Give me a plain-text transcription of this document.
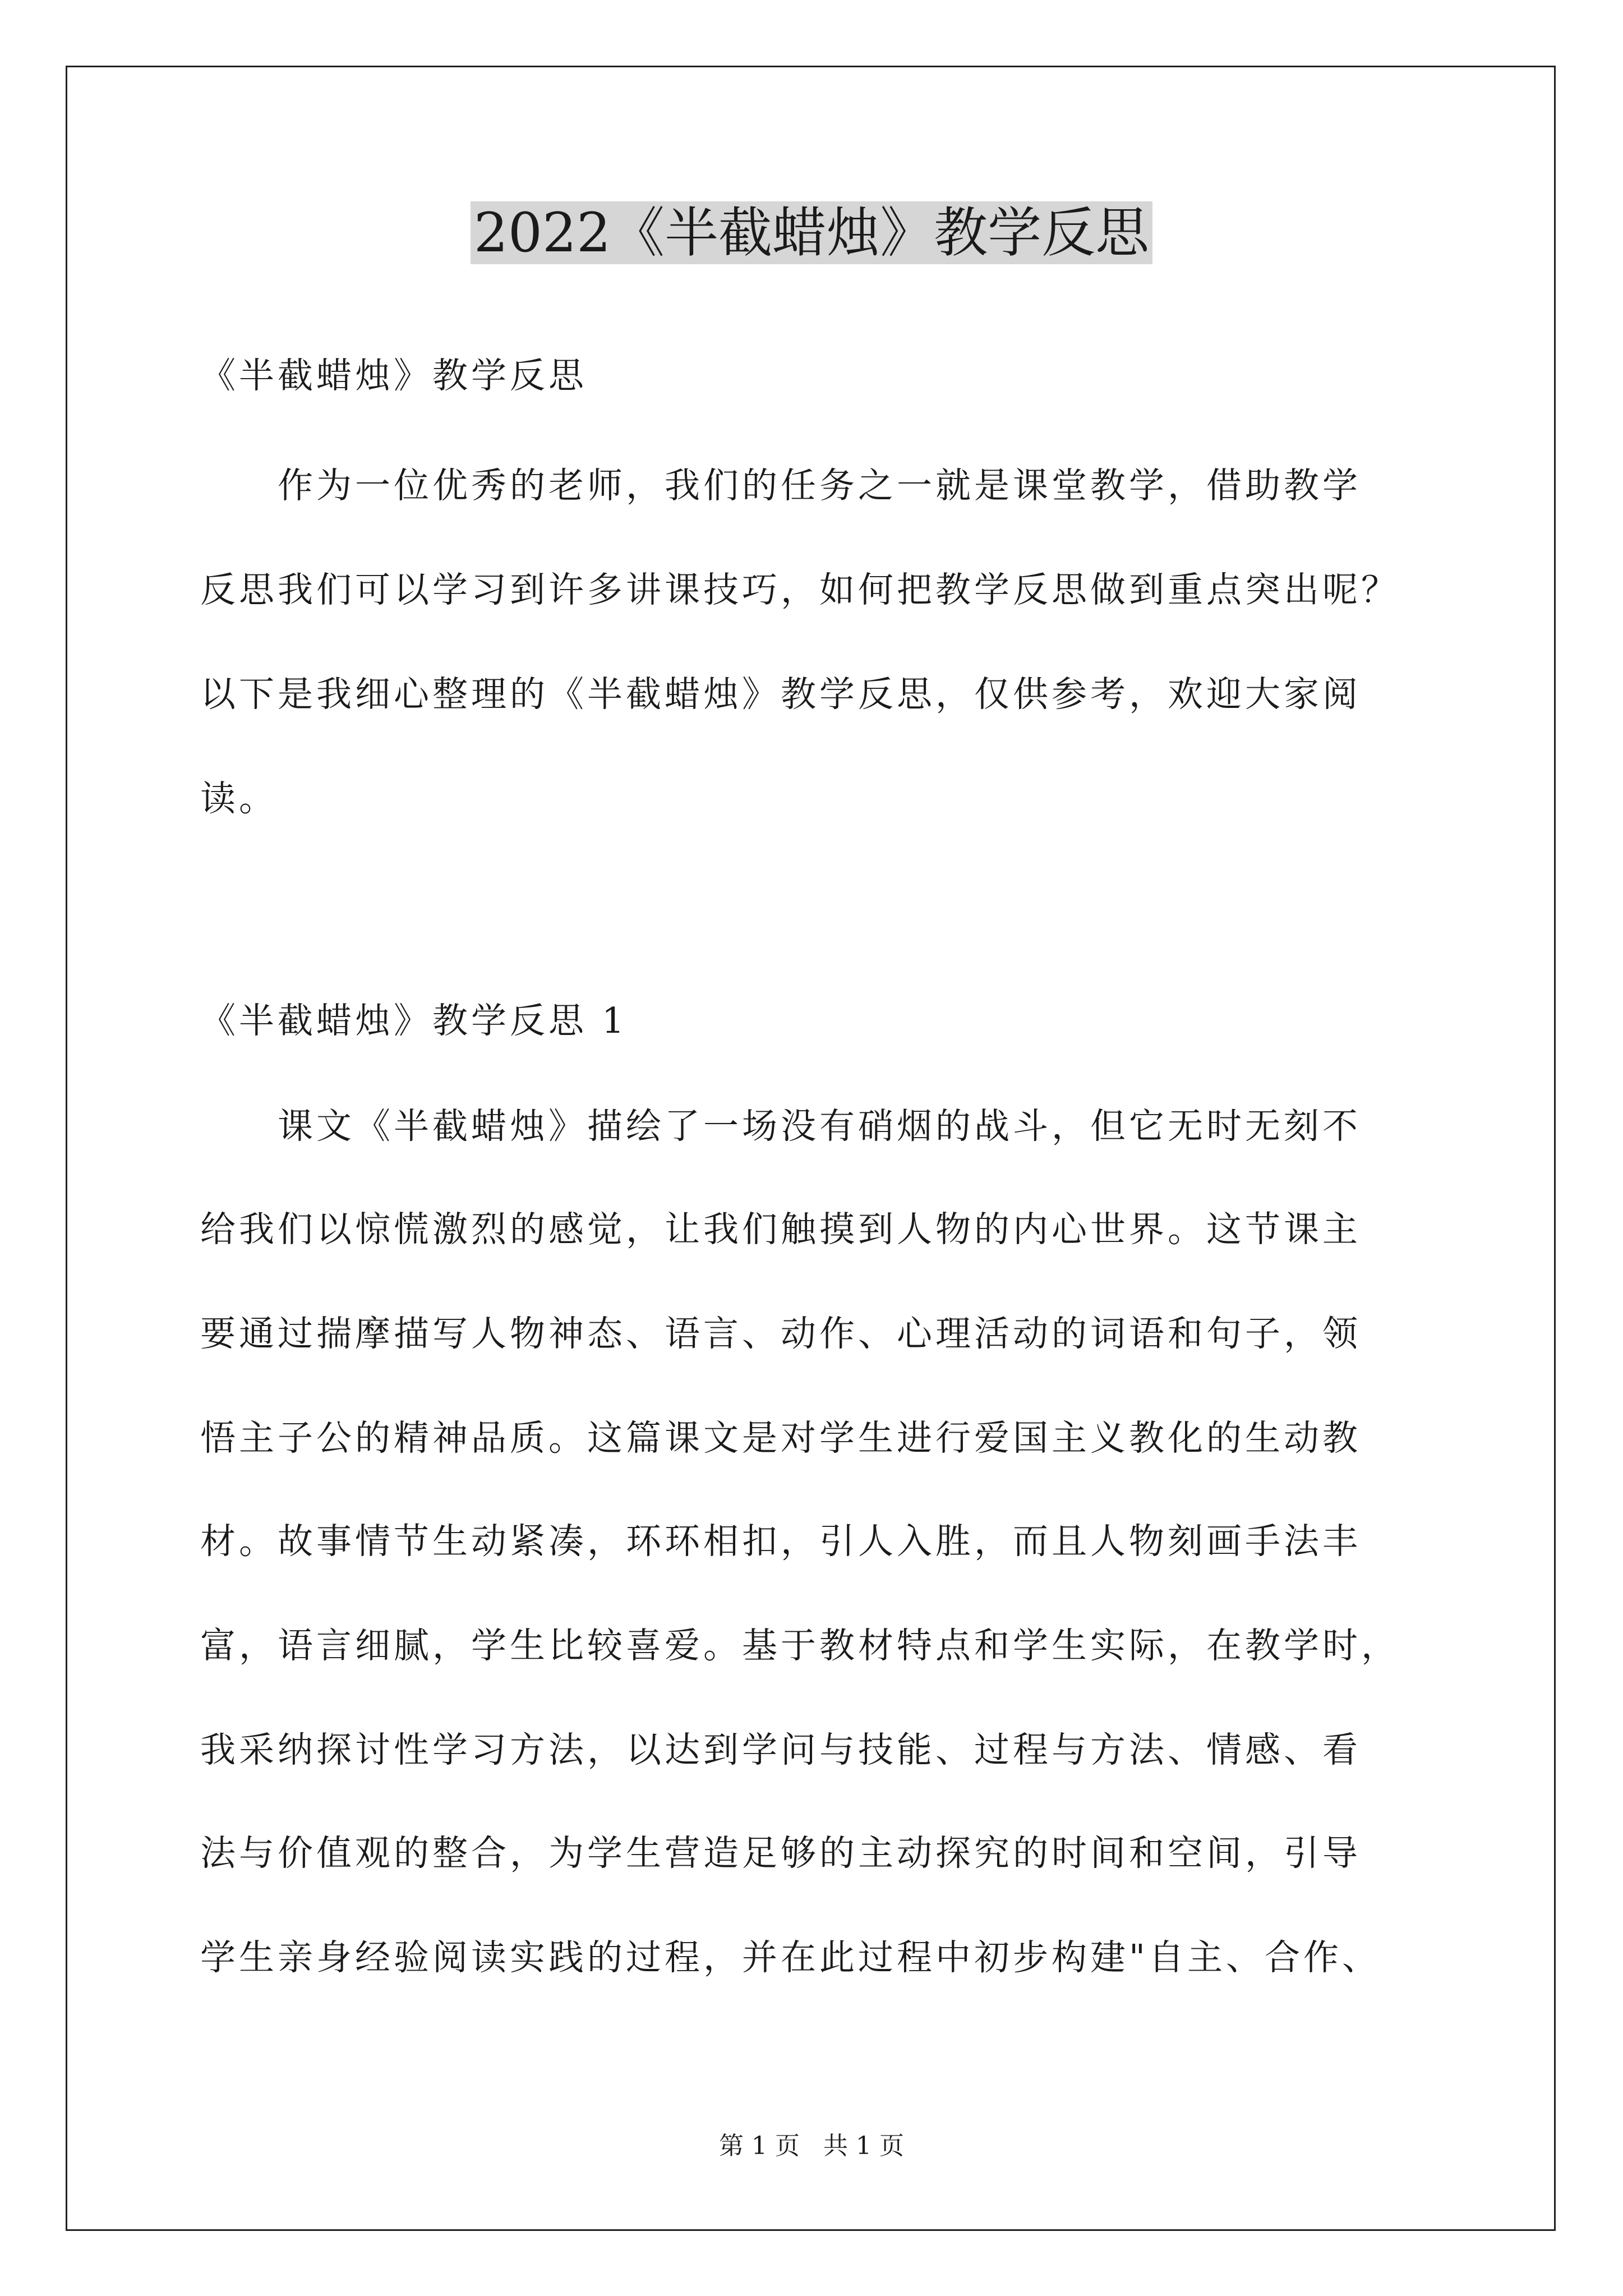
2022《半截蜡烛》教学反思
《半截蜡烛》教学反思
　　作为一位优秀的老师，我们的任务之一就是课堂教学，借助教学
反思我们可以学习到许多讲课技巧，如何把教学反思做到重点突出呢？
以下是我细心整理的《半截蜡烛》教学反思，仅供参考，欢迎大家阅
读。
《半截蜡烛》教学反思 1
　　课文《半截蜡烛》描绘了一场没有硝烟的战斗，但它无时无刻不
给我们以惊慌激烈的感觉，让我们触摸到人物的内心世界。这节课主
要通过揣摩描写人物神态、语言、动作、心理活动的词语和句子，领
悟主子公的精神品质。这篇课文是对学生进行爱国主义教化的生动教
材。故事情节生动紧凑，环环相扣，引人入胜，而且人物刻画手法丰
富，语言细腻，学生比较喜爱。基于教材特点和学生实际，在教学时，
我采纳探讨性学习方法，以达到学问与技能、过程与方法、情感、看
法与价值观的整合，为学生营造足够的主动探究的时间和空间，引导
学生亲身经验阅读实践的过程，并在此过程中初步构建"自主、合作、
第 1 页 共 1 页
